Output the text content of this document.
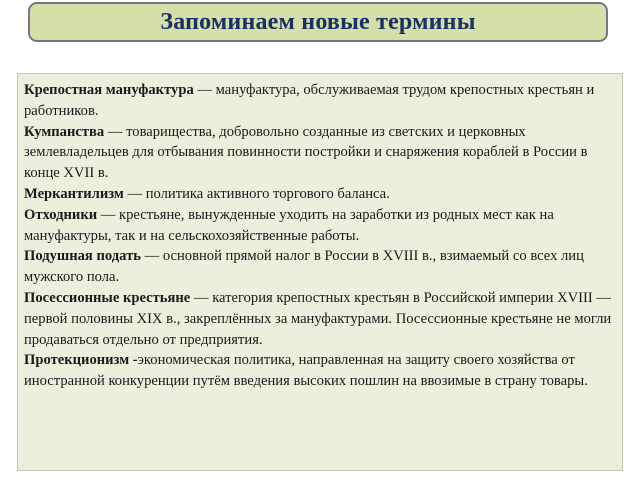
Запоминаем новые термины

Крепостная мануфактура — мануфактура, обслуживаемая трудом крепостных крестьян и работников.

Кумпанства — товарищества, добровольно созданные из светских и церковных землевладельцев для отбывания повинности постройки и снаряжения кораблей в России в конце XVII в.

Меркантилизм — политика активного торгового баланса.

Отходники — крестьяне, вынужденные уходить на заработки из родных мест как на мануфактуры, так и на сельскохозяйственные работы.

Подушная подать — основной прямой налог в России в XVIII в., взимаемый со всех лиц мужского пола.

Посессионные крестьяне — категория крепостных крестьян в Российской империи XVIII — первой половины XIX в., закреплённых за мануфактурами. Посессионные крестьяне не могли продаваться отдельно от предприятия.

Протекционизм -экономическая политика, направленная на защиту своего хозяйства от иностранной конкуренции путём введения высоких пошлин на ввозимые в страну товары.
